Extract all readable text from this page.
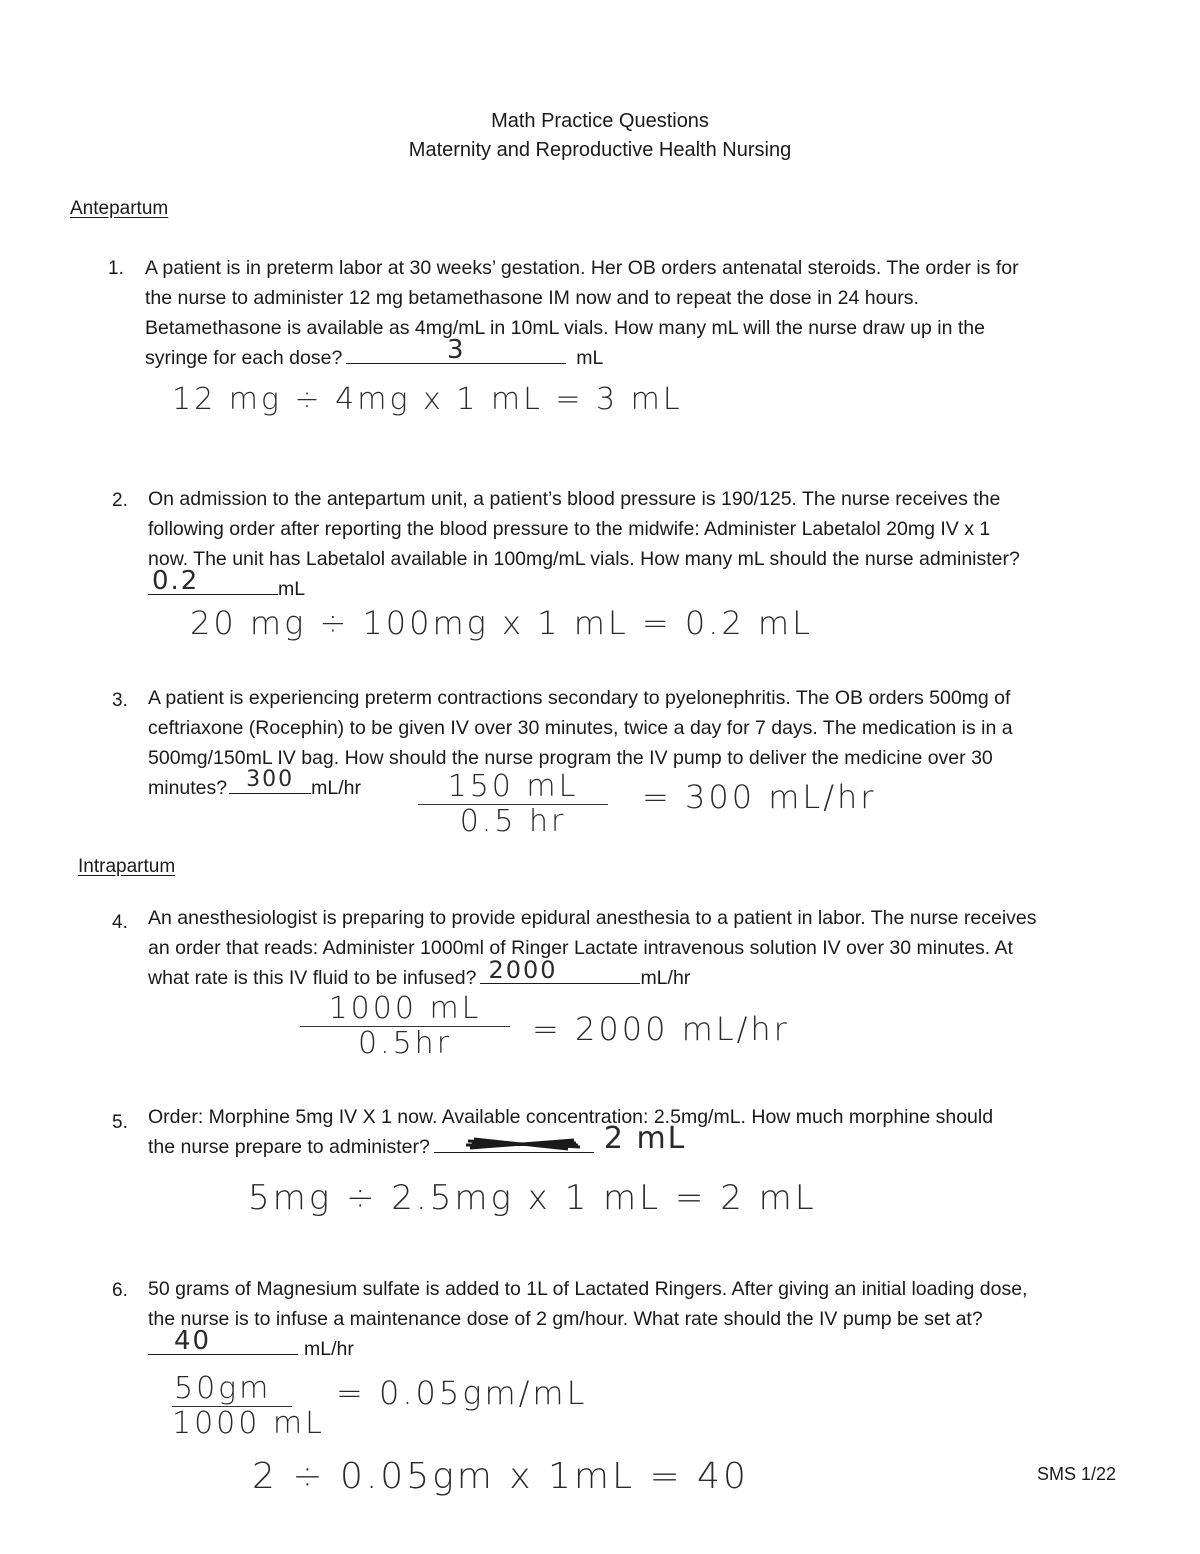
Math Practice Questions
Maternity and Reproductive Health Nursing
Antepartum
1. A patient is in preterm labor at 30 weeks’ gestation. Her OB orders antenatal steroids. The order is for
the nurse to administer 12 mg betamethasone IM now and to repeat the dose in 24 hours.
Betamethasone is available as 4mg/mL in 10mL vials. How many mL will the nurse draw up in the
syringe for each dose?	3	mL
12 mg ÷ 4mg x 1 mL = 3 mL
2. On admission to the antepartum unit, a patient’s blood pressure is 190/125. The nurse receives the
following order after reporting the blood pressure to the midwife: Administer Labetalol 20mg IV x 1
now. The unit has Labetalol available in 100mg/mL vials. How many mL should the nurse administer?
0.2	mL
20 mg ÷ 100mg x 1 mL = 0.2 mL
3. A patient is experiencing preterm contractions secondary to pyelonephritis. The OB orders 500mg of
ceftriaxone (Rocephin) to be given IV over 30 minutes, twice a day for 7 days. The medication is in a
500mg/150mL IV bag. How should the nurse program the IV pump to deliver the medicine over 30
minutes? 300 mL/hr	150 mL
0.5 hr
= 300 mL/hr
Intrapartum
4. An anesthesiologist is preparing to provide epidural anesthesia to a patient in labor. The nurse receives
an order that reads: Administer 1000ml of Ringer Lactate intravenous solution IV over 30 minutes. At
what rate is this IV fluid to be infused? 2000	mL/hr
1000 mL
0.5hr	= 2000 mL/hr
5. Order: Morphine 5mg IV X 1 now. Available concentration: 2.5mg/mL. How much morphine should
the nurse prepare to administer?	2 mL
5mg ÷ 2.5mg x 1 mL = 2 mL
6. 50 grams of Magnesium sulfate is added to 1L of Lactated Ringers. After giving an initial loading dose,
the nurse is to infuse a maintenance dose of 2 gm/hour. What rate should the IV pump be set at?
40	mL/hr
50gm
1000 mL
= 0.05gm/mL
2 ÷ 0.05gm x 1mL = 40	SMS 1/22
